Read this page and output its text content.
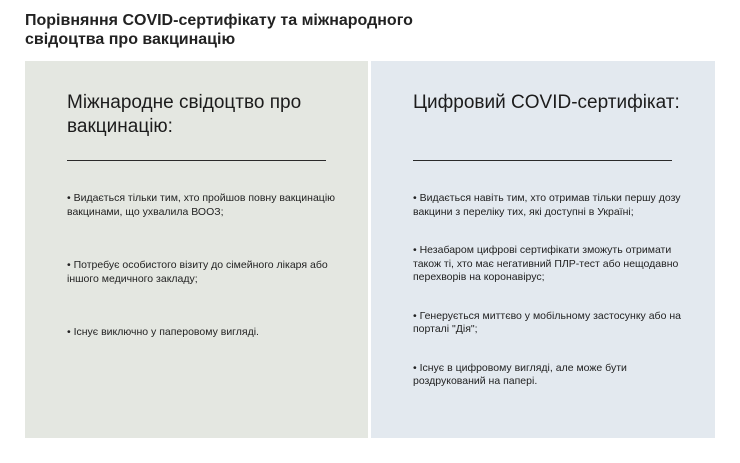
Порівняння COVID-сертифікату та міжнародного свідоцтва про вакцинацію
Міжнародне свідоцтво про вакцинацію:
• Видається тільки тим, хто пройшов повну вакцинацію вакцинами, що ухвалила ВООЗ;
• Потребує особистого візиту до сімейного лікаря або іншого медичного закладу;
• Існує виключно у паперовому вигляді.
Цифровий COVID-сертифікат:
• Видається навіть тим, хто отримав тільки першу дозу вакцини з переліку тих, які доступні в Україні;
• Незабаром цифрові сертифікати зможуть отримати також ті, хто має негативний ПЛР-тест або нещодавно перехворів на коронавірус;
• Генерується миттєво у мобільному застосунку або на порталі "Дія";
• Існує в цифровому вигляді, але може бути роздрукований на папері.
